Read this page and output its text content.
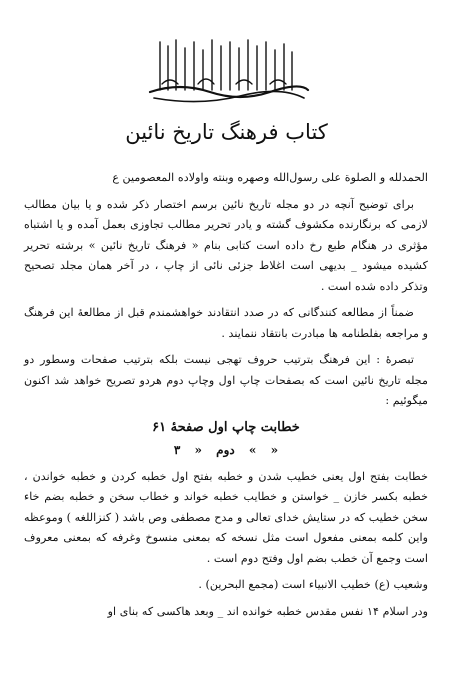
کتاب فرهنگ تاریخ نائین

الحمدلله و الصلوة علی رسول‌الله وصهره وبنته واولاده المعصومین ع

برای توضیح آنچه در دو مجله تاریخ نائین برسم اختصار ذکر شده و یا بیان مطالب لازمی که برنگارنده مکشوف گشته و یادر تحریر مطالب تجاوزی بعمل آمده و یا اشتباه مؤثری در هنگام طبع رخ داده است کتابی بنام « فرهنگ تاریخ نائین » برشته تحریر کشیده میشود _ بدیهی است اغلاط جزئی نائی از چاپ ، در آخر همان مجلد تصحیح وتذکر داده شده است .

ضمناً از مطالعه کنندگانی که در صدد انتقادند خواهشمندم قبل از مطالعهٔ این فرهنگ و مراجعه بفلطنامه ها مبادرت بانتقاد ننمایند .

تبصرهٔ : این فرهنگ بترتیب حروف تهجی نیست بلکه بترتیب صفحات وسطور دو مجله تاریخ نائین است که بصفحات چاپ اول وچاپ دوم هردو تصریح خواهد شد اکنون میگوئیم :

خطابت چاپ اول صفحهٔ ۶۱
« » دوم « ۳

خطابت بفتح اول یعنی خطیب شدن و خطبه بفتح اول خطبه کردن و خطبه خواندن ، خطبه بکسر خازن _ خواستن و خطایب خطبه خواند و خطاب سخن و خطبه بضم خاء سخن خطیب که در ستایش خدای تعالی و مدح مصطفی وص باشد ( کنزاللغه ) وموعظه واین کلمه بمعنی مفعول است مثل نسخه که بمعنی منسوخ وغرفه که بمعنی معروف است وجمع آن خطب بضم اول وفتح دوم است .

وشعیب (ع) خطیب الانبیاء است (مجمع البحرین) .

ودر اسلام ۱۴ نفس مقدس خطبه خوانده اند _ وبعد هاکسی که بنای او
